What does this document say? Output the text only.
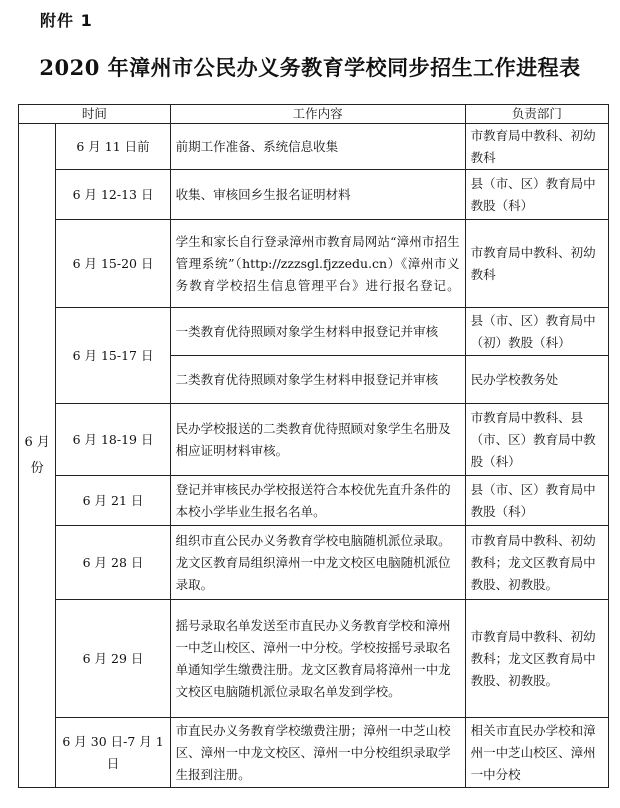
附件 1
2020 年漳州市公民办义务教育学校同步招生工作进程表
时间		工作内容	负责部门
6 月份	6 月 11 日前	前期工作准备、系统信息收集	市教育局中教科、初幼教科
	6 月 12-13 日	收集、审核回乡生报名证明材料	县（市、区）教育局中教股（科）
	6 月 15-20 日	学生和家长自行登录漳州市教育局网站“漳州市招生管理系统”（http://zzzsgl.fjzzedu.cn）《漳州市义务教育学校招生信息管理平台》进行报名登记。	市教育局中教科、初幼教科
	6 月 15-17 日	一类教育优待照顾对象学生材料申报登记并审核	县（市、区）教育局中（初）教股（科）
		二类教育优待照顾对象学生材料申报登记并审核	民办学校教务处
	6 月 18-19 日	民办学校报送的二类教育优待照顾对象学生名册及相应证明材料审核。	市教育局中教科、县（市、区）教育局中教股（科）
	6 月 21 日	登记并审核民办学校报送符合本校优先直升条件的本校小学毕业生报名名单。	县（市、区）教育局中教股（科）
	6 月 28 日	组织市直公民办义务教育学校电脑随机派位录取。龙文区教育局组织漳州一中龙文校区电脑随机派位录取。	市教育局中教科、初幼教科；龙文区教育局中教股、初教股。
	6 月 29 日	摇号录取名单发送至市直民办义务教育学校和漳州一中芝山校区、漳州一中分校。学校按摇号录取名单通知学生缴费注册。龙文区教育局将漳州一中龙文校区电脑随机派位录取名单发到学校。	市教育局中教科、初幼教科；龙文区教育局中教股、初教股。
	6 月 30 日-7 月 1 日	市直民办义务教育学校缴费注册；漳州一中芝山校区、漳州一中龙文校区、漳州一中分校组织录取学生报到注册。	相关市直民办学校和漳州一中芝山校区、漳州一中分校
